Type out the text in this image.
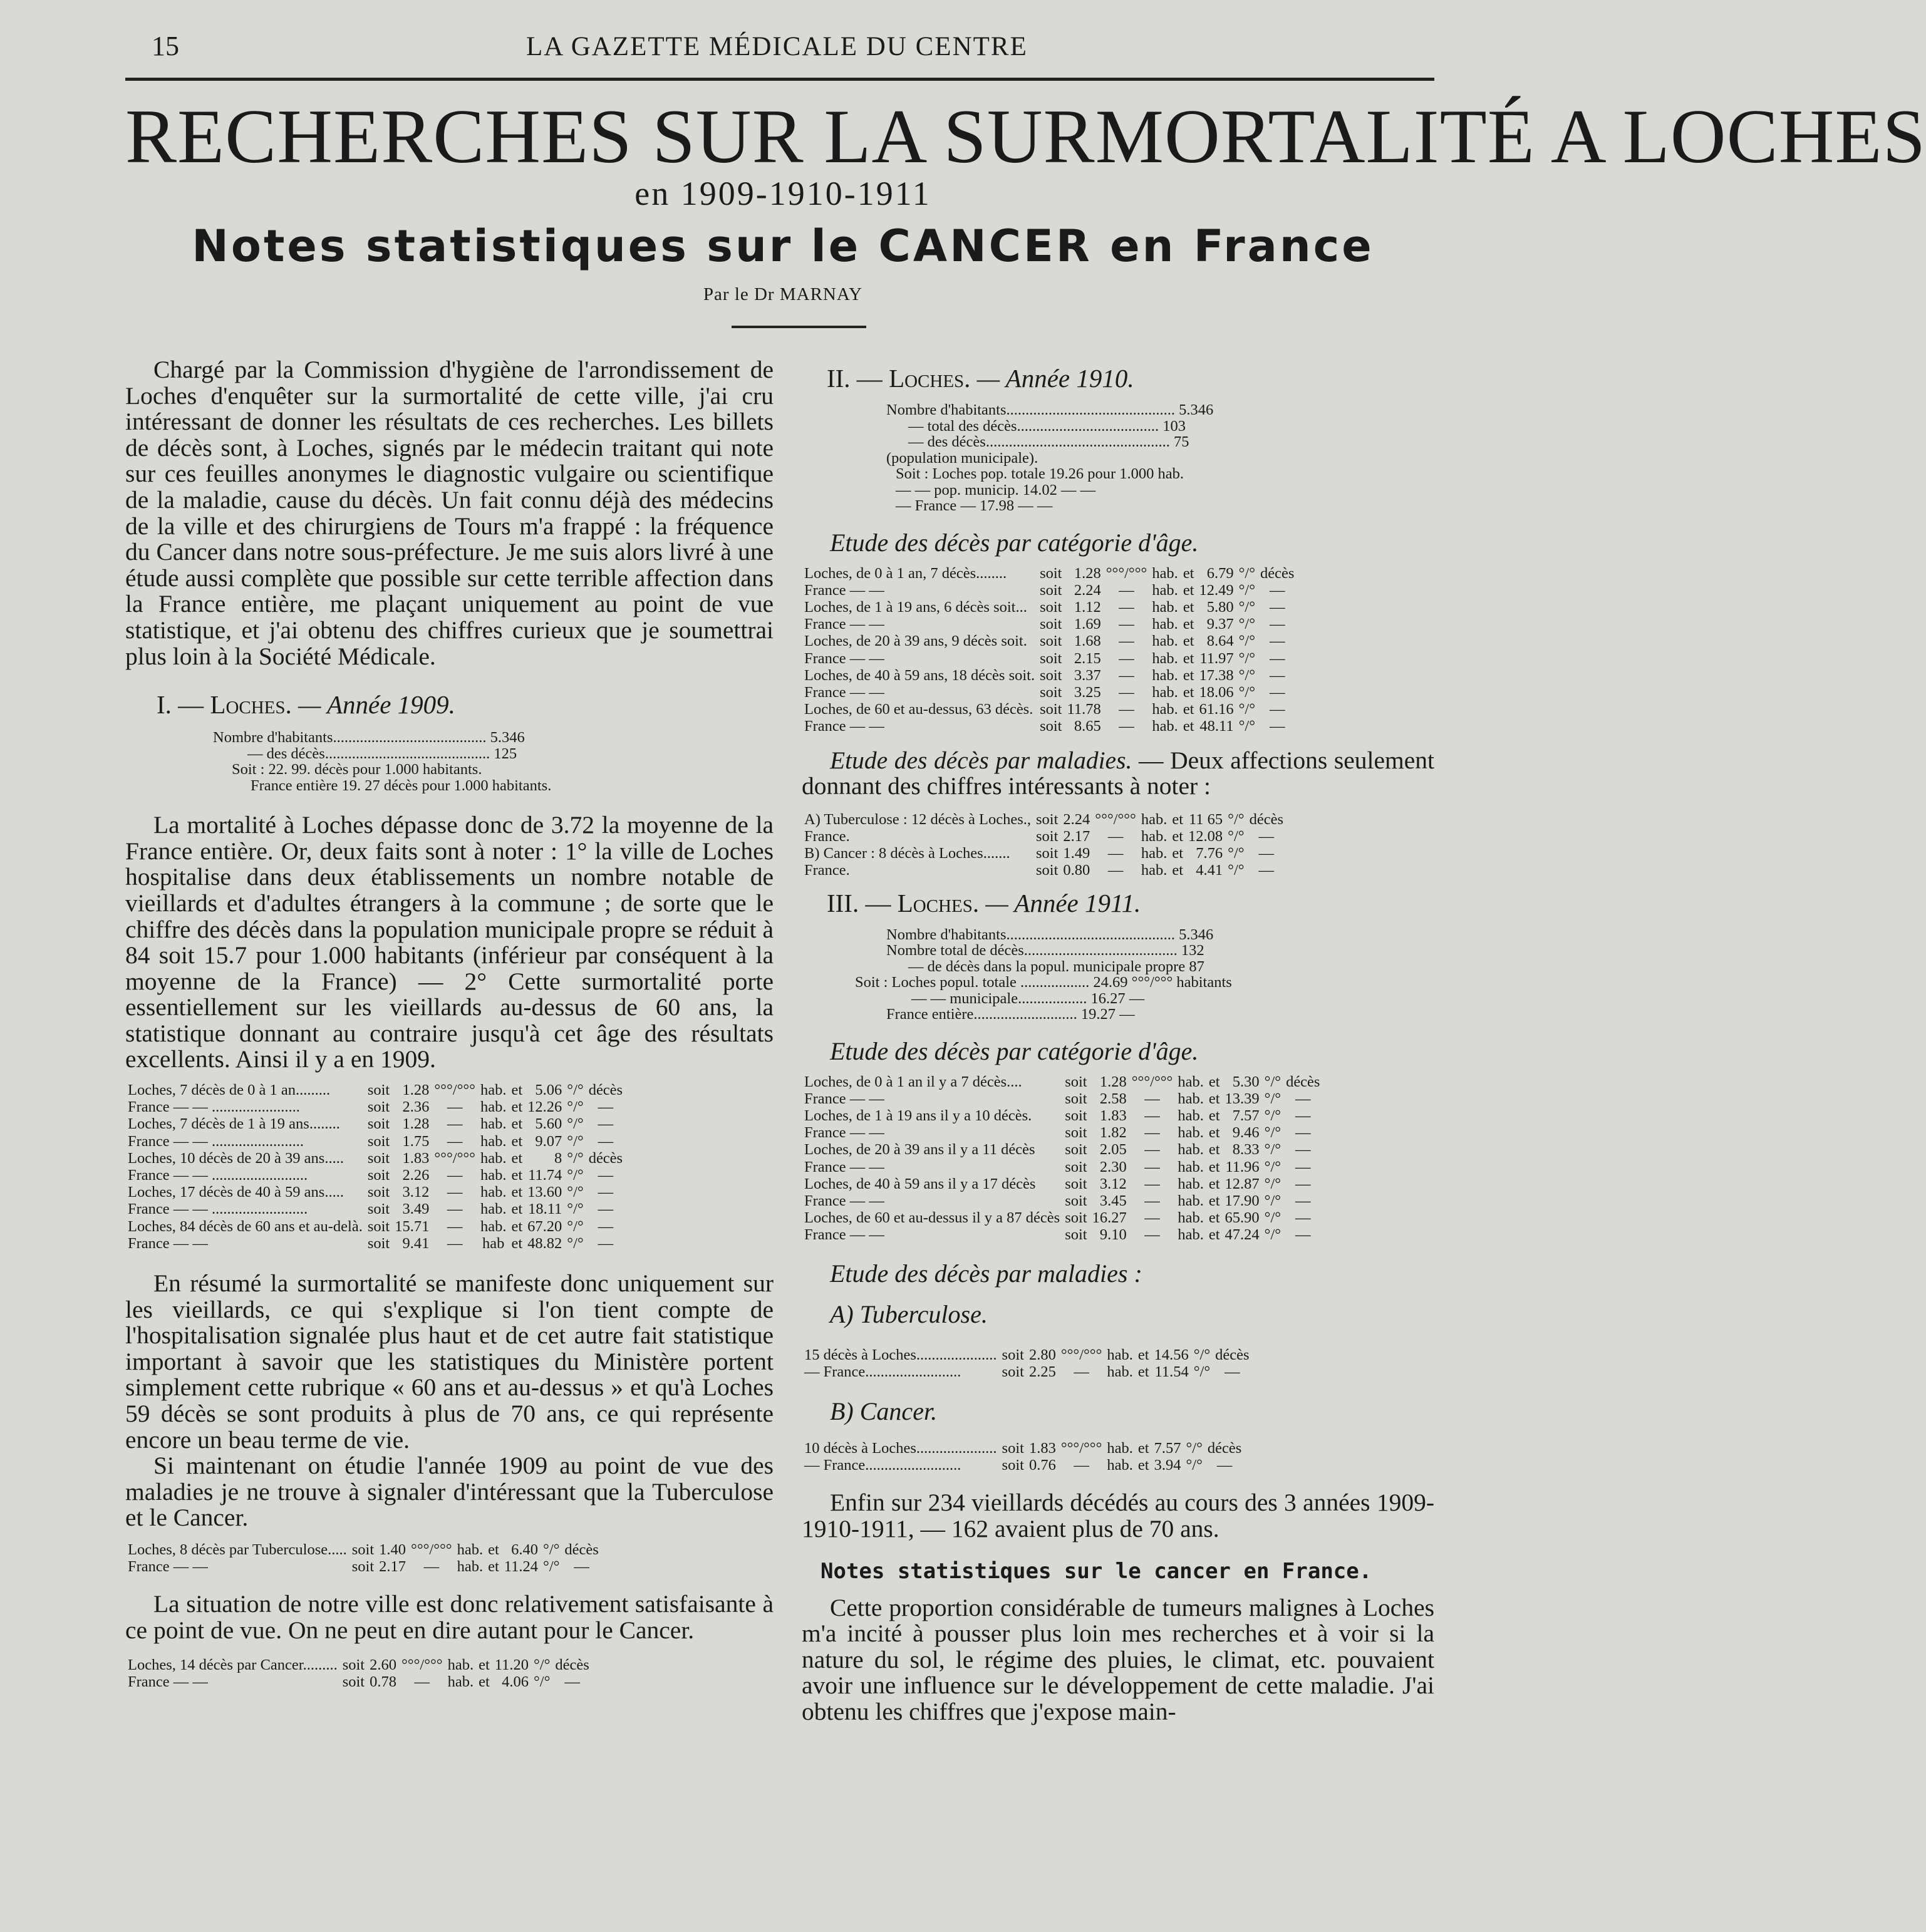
15	LA GAZETTE MÉDICALE DU CENTRE
RECHERCHES SUR LA SURMORTALITÉ A LOCHES
en 1909-1910-1911
Notes statistiques sur le CANCER en France
Par le Dr MARNAY

Chargé par la Commission d'hygiène de l'arrondissement de Loches d'enquêter sur la surmortalité de cette ville, j'ai cru intéressant de donner les résultats de ces recherches. Les billets de décès sont, à Loches, signés par le médecin traitant qui note sur ces feuilles anonymes le diagnostic vulgaire ou scientifique de la maladie, cause du décès. Un fait connu déjà des médecins de la ville et des chirurgiens de Tours m'a frappé : la fréquence du Cancer dans notre sous-préfecture. Je me suis alors livré à une étude aussi complète que possible sur cette terrible affection dans la France entière, me plaçant uniquement au point de vue statistique, et j'ai obtenu des chiffres curieux que je soumettrai plus loin à la Société Médicale.

I. — Loches. — Année 1909.
Nombre d'habitants........................................ 5.346
— des décès........................................... 125
Soit : 22. 99. décès pour 1.000 habitants.
France entière 19. 27 décès pour 1.000 habitants.

La mortalité à Loches dépasse donc de 3.72 la moyenne de la France entière. Or, deux faits sont à noter : 1° la ville de Loches hospitalise dans deux établissements un nombre notable de vieillards et d'adultes étrangers à la commune ; de sorte que le chiffre des décès dans la population municipale propre se réduit à 84 soit 15.7 pour 1.000 habitants (inférieur par conséquent à la moyenne de la France) — 2° Cette surmortalité porte essentiellement sur les vieillards au-dessus de 60 ans, la statistique donnant au contraire jusqu'à cet âge des résultats excellents. Ainsi il y a en 1909.

Loches, 7 décès de 0 à 1 an.........	soit	1.28	°°°/°°°	hab.	et	5.06	°/°	décès
France — — .......................	soit	2.36	—	hab.	et	12.26	°/°	—
Loches, 7 décès de 1 à 19 ans........	soit	1.28	—	hab.	et	5.60	°/°	—
France — — ........................	soit	1.75	—	hab.	et	9.07	°/°	—
Loches, 10 décès de 20 à 39 ans.....	soit	1.83	°°°/°°°	hab.	et	8	°/°	décès
France — — .........................	soit	2.26	—	hab.	et	11.74	°/°	—
Loches, 17 décès de 40 à 59 ans.....	soit	3.12	—	hab.	et	13.60	°/°	—
France — — .........................	soit	3.49	—	hab.	et	18.11	°/°	—
Loches, 84 décès de 60 ans et au-delà.	soit	15.71	—	hab.	et	67.20	°/°	—
France — —	soit	9.41	—	hab	et	48.82	°/°	—

En résumé la surmortalité se manifeste donc uniquement sur les vieillards, ce qui s'explique si l'on tient compte de l'hospitalisation signalée plus haut et de cet autre fait statistique important à savoir que les statistiques du Ministère portent simplement cette rubrique « 60 ans et au-dessus » et qu'à Loches 59 décès se sont produits à plus de 70 ans, ce qui représente encore un beau terme de vie.

Si maintenant on étudie l'année 1909 au point de vue des maladies je ne trouve à signaler d'intéressant que la Tuberculose et le Cancer.

Loches, 8 décès par Tuberculose.....	soit	1.40	°°°/°°°	hab.	et	6.40	°/°	décès
France — —	soit	2.17	—	hab.	et	11.24	°/°	—

La situation de notre ville est donc relativement satisfaisante à ce point de vue. On ne peut en dire autant pour le Cancer.

Loches, 14 décès par Cancer.........	soit	2.60	°°°/°°°	hab.	et	11.20	°/°	décès
France — —	soit	0.78	—	hab.	et	4.06	°/°	—
II. — Loches. — Année 1910.
Nombre d'habitants............................................ 5.346
— total des décès..................................... 103
— des décès................................................ 75
(population municipale).
Soit : Loches pop. totale 19.26 pour 1.000 hab.
— — pop. municip. 14.02 — —
— France — 17.98 — —
Etude des décès par catégorie d'âge.
Loches, de 0 à 1 an, 7 décès........	soit	1.28	°°°/°°°	hab.	et	6.79	°/°	décès
France — —	soit	2.24	—	hab.	et	12.49	°/°	—
Loches, de 1 à 19 ans, 6 décès soit...	soit	1.12	—	hab.	et	5.80	°/°	—
France — —	soit	1.69	—	hab.	et	9.37	°/°	—
Loches, de 20 à 39 ans, 9 décès soit.	soit	1.68	—	hab.	et	8.64	°/°	—
France — —	soit	2.15	—	hab.	et	11.97	°/°	—
Loches, de 40 à 59 ans, 18 décès soit.	soit	3.37	—	hab.	et	17.38	°/°	—
France — —	soit	3.25	—	hab.	et	18.06	°/°	—
Loches, de 60 et au-dessus, 63 décès.	soit	11.78	—	hab.	et	61.16	°/°	—
France — —	soit	8.65	—	hab.	et	48.11	°/°	—

Etude des décès par maladies. — Deux affections seulement donnant des chiffres intéressants à noter :

A) Tuberculose : 12 décès à Loches.,	soit	2.24	°°°/°°°	hab.	et	11 65	°/°	décès
France.	soit	2.17	—	hab.	et	12.08	°/°	—
B) Cancer : 8 décès à Loches.......	soit	1.49	—	hab.	et	7.76	°/°	—
France.	soit	0.80	—	hab.	et	4.41	°/°	—
III. — Loches. — Année 1911.
Nombre d'habitants............................................ 5.346
Nombre total de décès........................................ 132
— de décès dans la popul. municipale propre 87
Soit : Loches popul. totale .................. 24.69 °°°/°°° habitants
— — municipale.................. 16.27 —
France entière........................... 19.27 —
Etude des décès par catégorie d'âge.
Loches, de 0 à 1 an il y a 7 décès....	soit	1.28	°°°/°°°	hab.	et	5.30	°/°	décès
France — —	soit	2.58	—	hab.	et	13.39	°/°	—
Loches, de 1 à 19 ans il y a 10 décès.	soit	1.83	—	hab.	et	7.57	°/°	—
France — —	soit	1.82	—	hab.	et	9.46	°/°	—
Loches, de 20 à 39 ans il y a 11 décès	soit	2.05	—	hab.	et	8.33	°/°	—
France — —	soit	2.30	—	hab.	et	11.96	°/°	—
Loches, de 40 à 59 ans il y a 17 décès	soit	3.12	—	hab.	et	12.87	°/°	—
France — —	soit	3.45	—	hab.	et	17.90	°/°	—
Loches, de 60 et au-dessus il y a 87 décès	soit	16.27	—	hab.	et	65.90	°/°	—
France — —	soit	9.10	—	hab.	et	47.24	°/°	—
Etude des décès par maladies :
A) Tuberculose.
15 décès à Loches.....................	soit	2.80	°°°/°°°	hab.	et	14.56	°/°	décès
— France.........................	soit	2.25	—	hab.	et	11.54	°/°	—
B) Cancer.
10 décès à Loches.....................	soit	1.83	°°°/°°°	hab.	et	7.57	°/°	décès
— France.........................	soit	0.76	—	hab.	et	3.94	°/°	—

Enfin sur 234 vieillards décédés au cours des 3 années 1909-1910-1911, — 162 avaient plus de 70 ans.

Notes statistiques sur le cancer en France.

Cette proportion considérable de tumeurs malignes à Loches m'a incité à pousser plus loin mes recherches et à voir si la nature du sol, le régime des pluies, le climat, etc. pouvaient avoir une influence sur le développement de cette maladie. J'ai obtenu les chiffres que j'expose main-
